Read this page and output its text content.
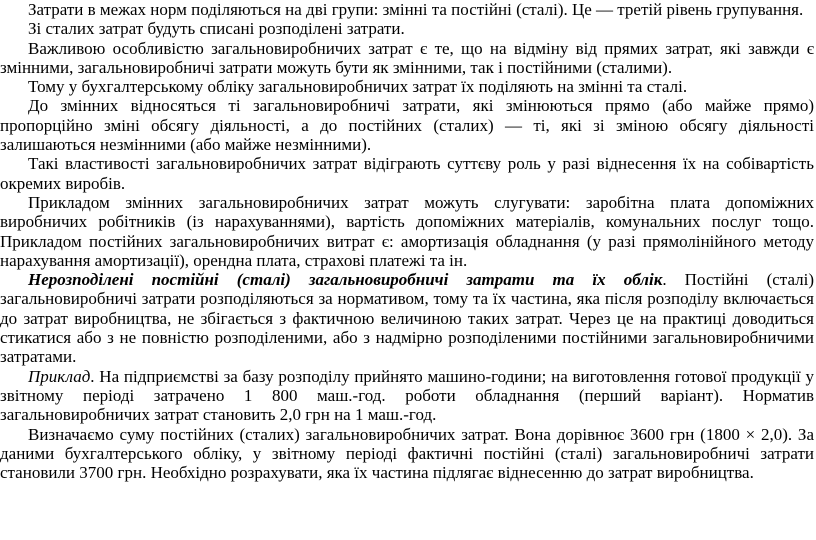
Затрати в межах норм поділяються на дві групи: змінні та постійні (сталі). Це — третій рівень групування.

Зі сталих затрат будуть списані розподілені затрати.

Важливою особливістю загальновиробничих затрат є те, що на відміну від прямих затрат, які завжди є змінними, загальновиробничі затрати можуть бути як змінними, так і постійними (сталими).

Тому у бухгалтерському обліку загальновиробничих затрат їх поділяють на змінні та сталі.

До змінних відносяться ті загальновиробничі затрати, які змінюються прямо (або майже прямо) пропорційно зміні обсягу діяльності, а до постійних (сталих) — ті, які зі зміною обсягу діяльності залишаються незмінними (або майже незмінними).

Такі властивості загальновиробничих затрат відіграють суттєву роль у разі віднесення їх на собівартість окремих виробів.

Прикладом змінних загальновиробничих затрат можуть слугувати: заробітна плата допоміжних виробничих робітників (із нарахуваннями), вартість допоміжних матеріалів, комунальних послуг тощо. Прикладом постійних загальновиробничих витрат є: амортизація обладнання (у разі прямолінійного методу нарахування амортизації), орендна плата, страхові платежі та ін.

Нерозподілені постійні (сталі) загальновиробничі затрати та їх облік. Постійні (сталі) загальновиробничі затрати розподіляються за нормативом, тому та їх частина, яка після розподілу включається до затрат виробництва, не збігається з фактичною величиною таких затрат. Через це на практиці доводиться стикатися або з не повністю розподіленими, або з надмірно розподіленими постійними загальновиробничими затратами.

Приклад. На підприємстві за базу розподілу прийнято машино-години; на виготовлення готової продукції у звітному періоді затрачено 1 800 маш.-год. роботи обладнання (перший варіант). Норматив загальновиробничих затрат становить 2,0 грн на 1 маш.-год.

Визначаємо суму постійних (сталих) загальновиробничих затрат. Вона дорівнює 3600 грн (1800 × 2,0). За даними бухгалтерського обліку, у звітному періоді фактичні постійні (сталі) загальновиробничі затрати становили 3700 грн. Необхідно розрахувати, яка їх частина підлягає віднесенню до затрат виробництва.
